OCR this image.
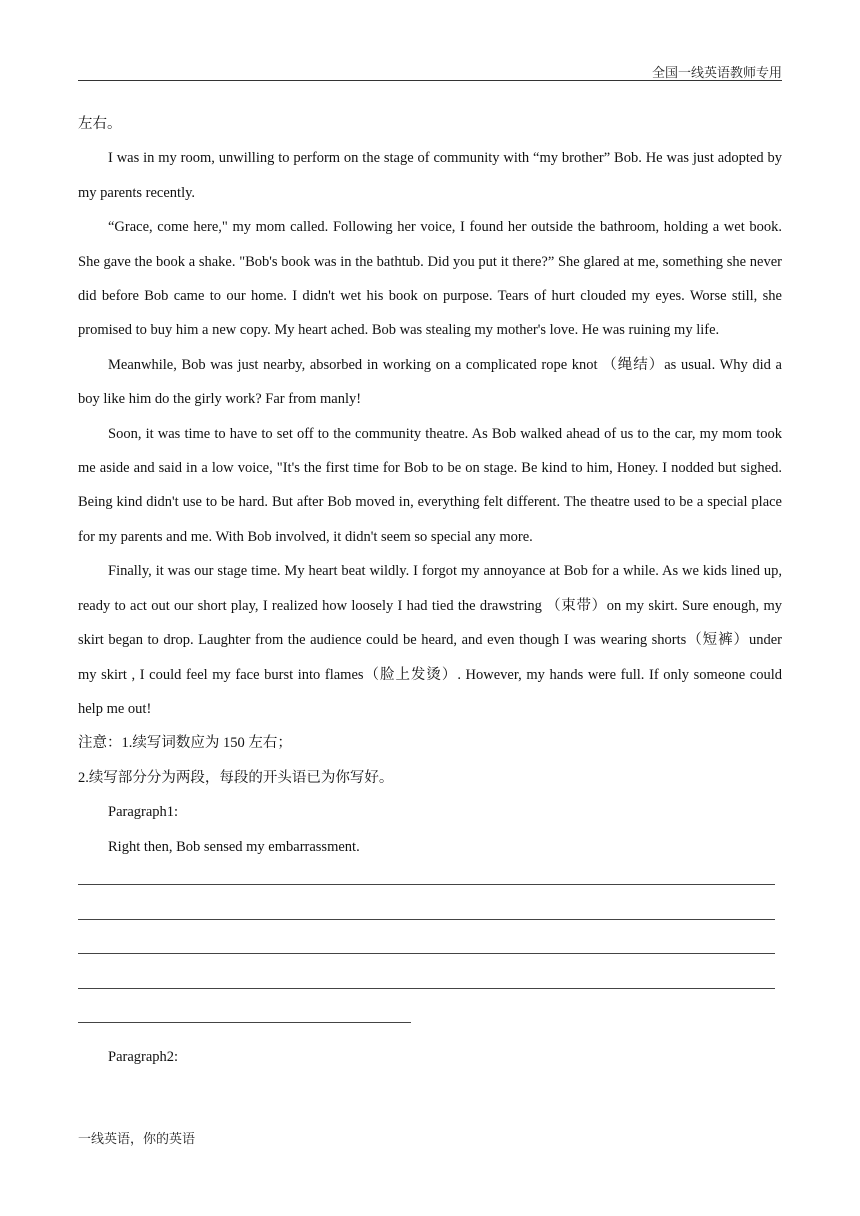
全国一线英语教师专用

左右。

I was in my room, unwilling to perform on the stage of community with “my brother” Bob. He was just adopted by my parents recently.

“Grace, come here," my mom called. Following her voice, I found her outside the bathroom, holding a wet book. She gave the book a shake. "Bob's book was in the bathtub. Did you put it there?” She glared at me, something she never did before Bob came to our home. I didn't wet his book on purpose. Tears of hurt clouded my eyes. Worse still, she promised to buy him a new copy. My heart ached. Bob was stealing my mother's love. He was ruining my life.

Meanwhile, Bob was just nearby, absorbed in working on a complicated rope knot （绳结）as usual. Why did a boy like him do the girly work? Far from manly!

Soon, it was time to have to set off to the community theatre. As Bob walked ahead of us to the car, my mom took me aside and said in a low voice, "It's the first time for Bob to be on stage. Be kind to him, Honey. I nodded but sighed. Being kind didn't use to be hard. But after Bob moved in, everything felt different. The theatre used to be a special place for my parents and me. With Bob involved, it didn't seem so special any more.

Finally, it was our stage time. My heart beat wildly. I forgot my annoyance at Bob for a while. As we kids lined up, ready to act out our short play, I realized how loosely I had tied the drawstring （束带）on my skirt. Sure enough, my skirt began to drop. Laughter from the audience could be heard, and even though I was wearing shorts（短裤）under my skirt , I could feel my face burst into flames（脸上发烫）. However, my hands were full. If only someone could help me out!

注意：1.续写词数应为 150 左右；

2.续写部分分为两段，每段的开头语已为你写好。

Paragraph1:

Right then, Bob sensed my embarrassment.

Paragraph2:

一线英语，你的英语
